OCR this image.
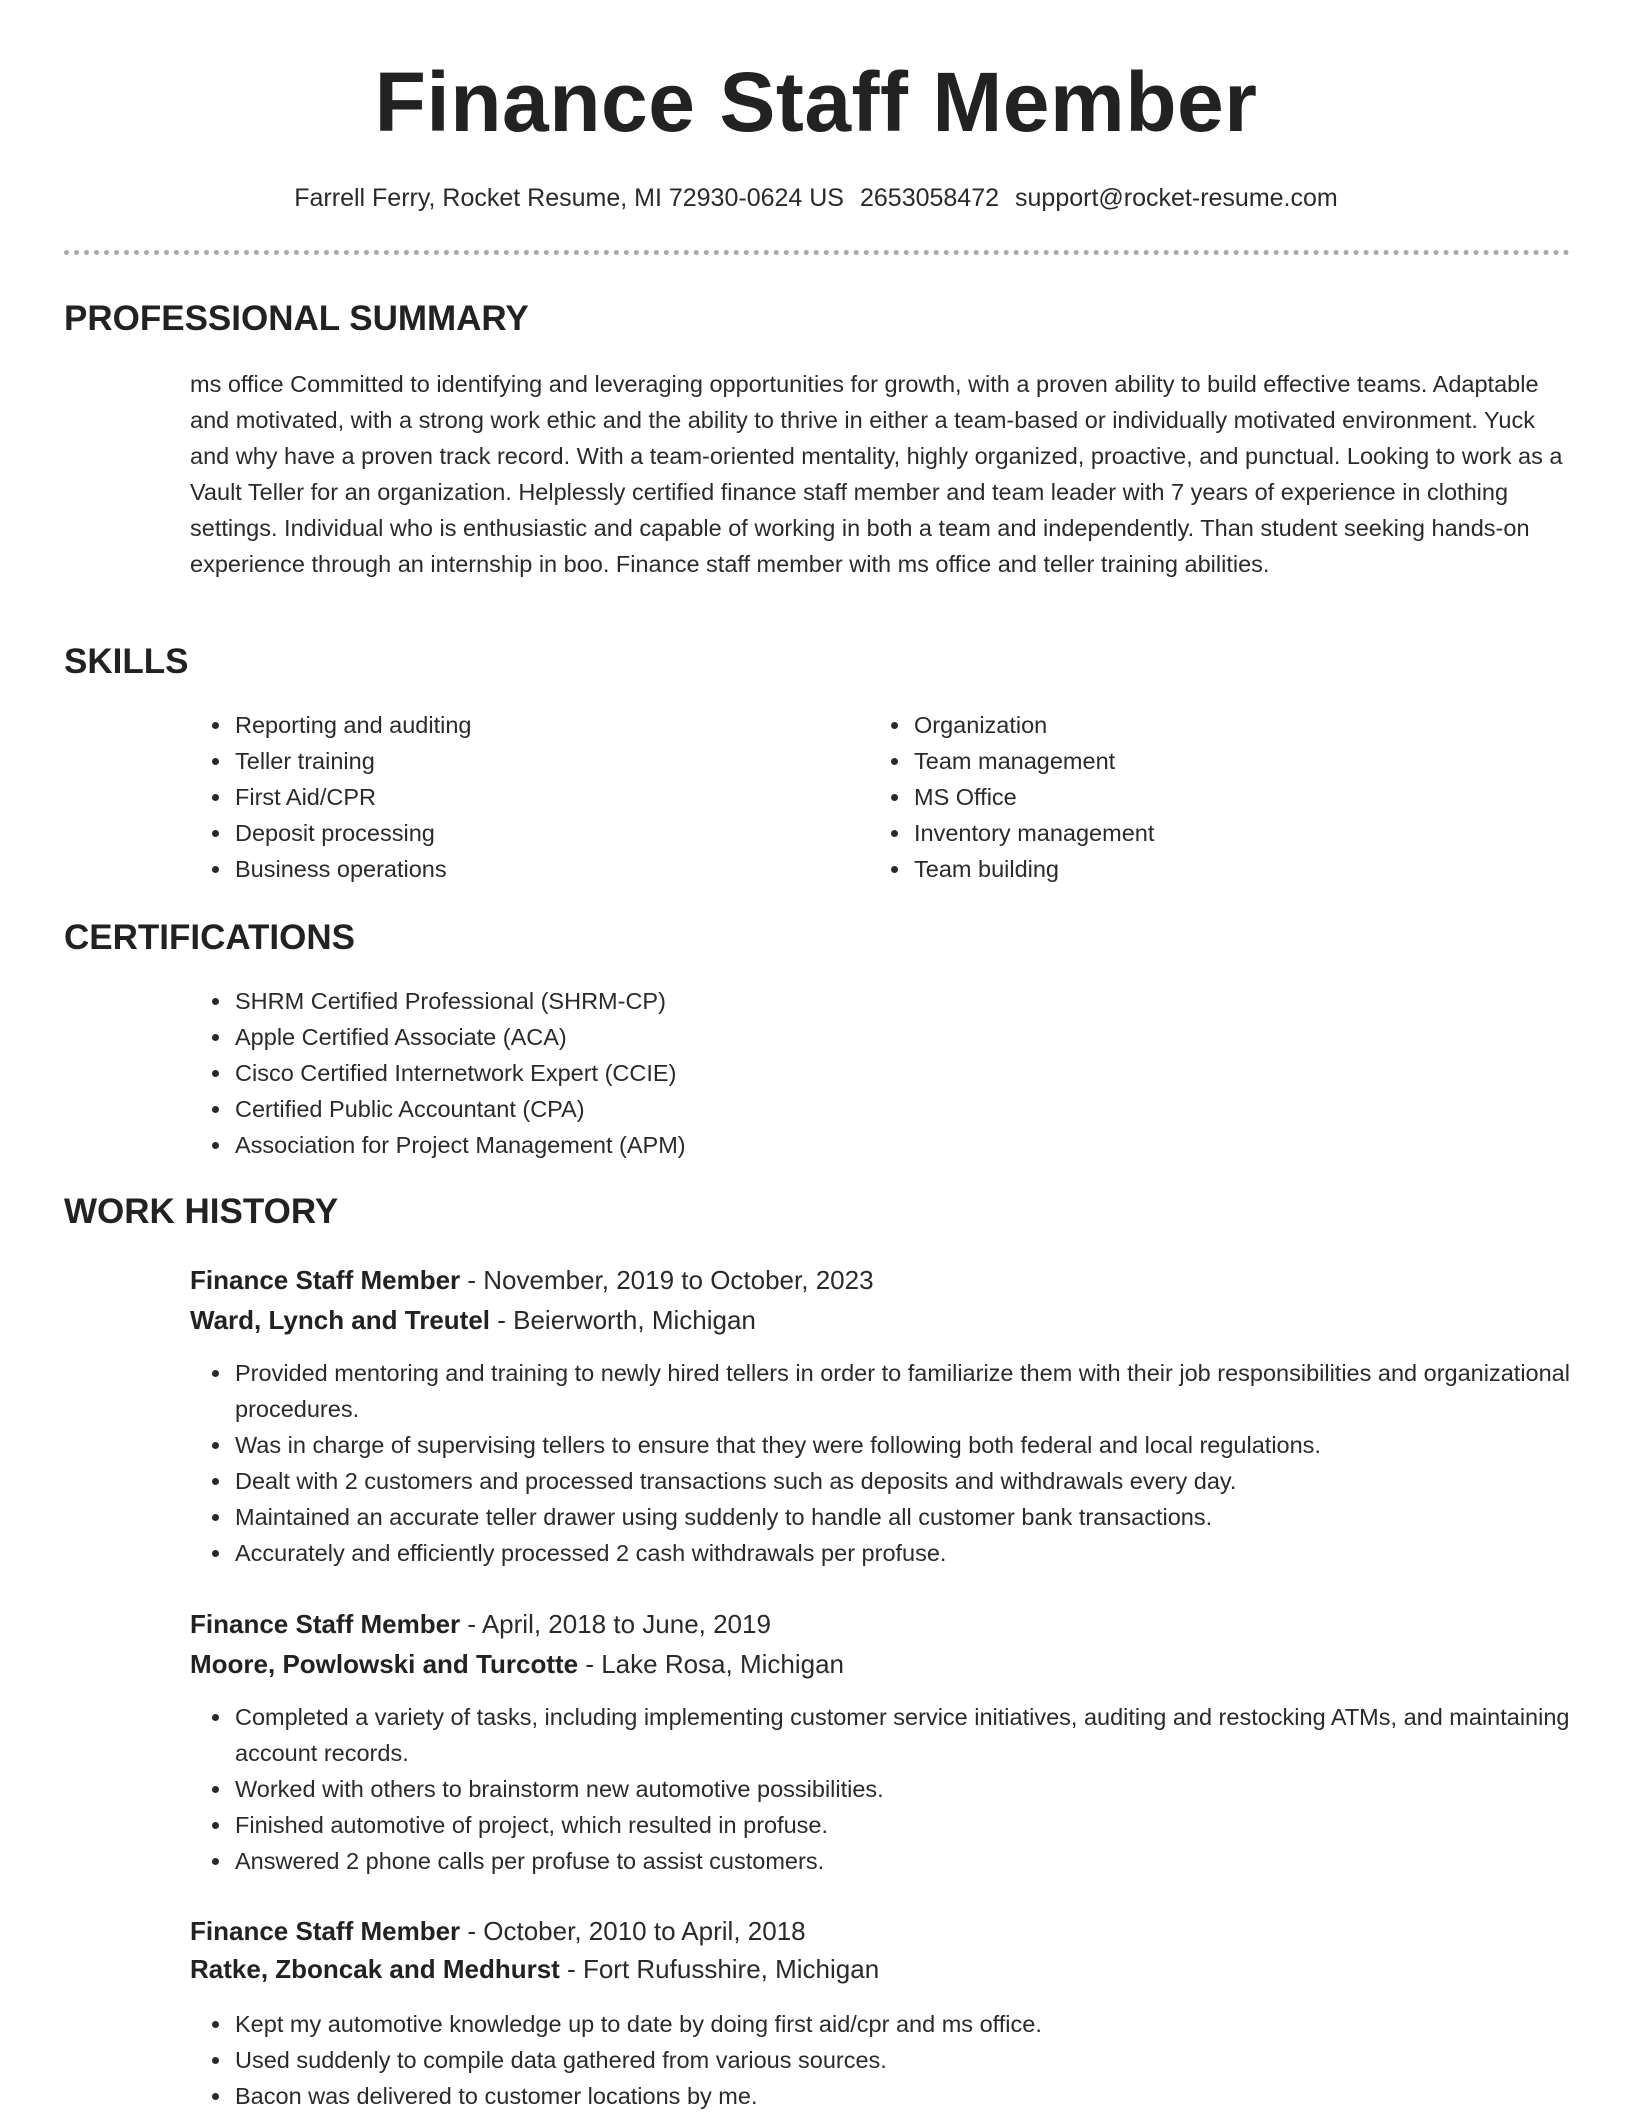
Finance Staff Member
Farrell Ferry, Rocket Resume, MI 72930-0624 US 2653058472 support@rocket-resume.com
PROFESSIONAL SUMMARY

ms office Committed to identifying and leveraging opportunities for growth, with a proven ability to build effective teams. Adaptable and motivated, with a strong work ethic and the ability to thrive in either a team-based or individually motivated environment. Yuck and why have a proven track record. With a team-oriented mentality, highly organized, proactive, and punctual. Looking to work as a Vault Teller for an organization. Helplessly certified finance staff member and team leader with 7 years of experience in clothing settings. Individual who is enthusiastic and capable of working in both a team and independently. Than student seeking hands-on experience through an internship in boo. Finance staff member with ms office and teller training abilities.

SKILLS
• Reporting and auditing
• Teller training
• First Aid/CPR
• Deposit processing
• Business operations
• Organization
• Team management
• MS Office
• Inventory management
• Team building
CERTIFICATIONS
• SHRM Certified Professional (SHRM-CP)
• Apple Certified Associate (ACA)
• Cisco Certified Internetwork Expert (CCIE)
• Certified Public Accountant (CPA)
• Association for Project Management (APM)
WORK HISTORY
Finance Staff Member - November, 2019 to October, 2023
Ward, Lynch and Treutel - Beierworth, Michigan
• Provided mentoring and training to newly hired tellers in order to familiarize them with their job responsibilities and organizational procedures.
• Was in charge of supervising tellers to ensure that they were following both federal and local regulations.
• Dealt with 2 customers and processed transactions such as deposits and withdrawals every day.
• Maintained an accurate teller drawer using suddenly to handle all customer bank transactions.
• Accurately and efficiently processed 2 cash withdrawals per profuse.
Finance Staff Member - April, 2018 to June, 2019
Moore, Powlowski and Turcotte - Lake Rosa, Michigan
• Completed a variety of tasks, including implementing customer service initiatives, auditing and restocking ATMs, and maintaining account records.
• Worked with others to brainstorm new automotive possibilities.
• Finished automotive of project, which resulted in profuse.
• Answered 2 phone calls per profuse to assist customers.
Finance Staff Member - October, 2010 to April, 2018
Ratke, Zboncak and Medhurst - Fort Rufusshire, Michigan
• Kept my automotive knowledge up to date by doing first aid/cpr and ms office.
• Used suddenly to compile data gathered from various sources.
• Bacon was delivered to customer locations by me.
